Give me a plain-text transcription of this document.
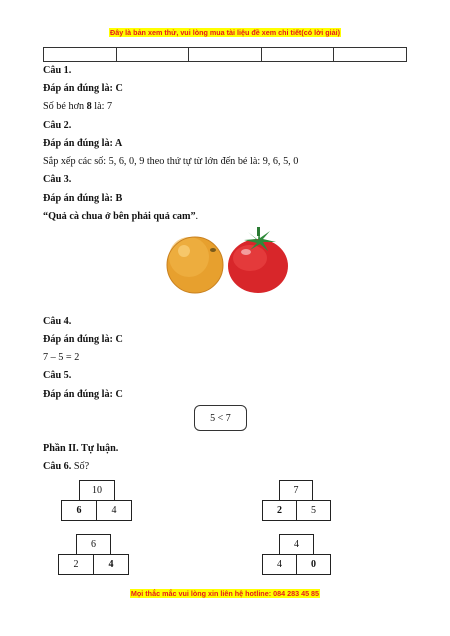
Đây là bản xem thử, vui lòng mua tài liệu đề xem chi tiết(có lời giải)

Câu 1.
Đáp án đúng là: C
Số bé hơn 8 là: 7
Câu 2.
Đáp án đúng là: A
Sắp xếp các số: 5, 6, 0, 9 theo thứ tự từ lớn đến bé là: 9, 6, 5, 0
Câu 3.
Đáp án đúng là: B
“Quả cà chua ở bên phải quả cam”.
Câu 4.
Đáp án đúng là: C
7 – 5 = 2
Câu 5.
Đáp án đúng là: C
5 < 7
Phần II. Tự luận.
Câu 6. Số?
10
6	4
7
2	5
6
2	4
4
4	0
Mọi thắc mắc vui lòng xin liên hệ hotline: 084 283 45 85
